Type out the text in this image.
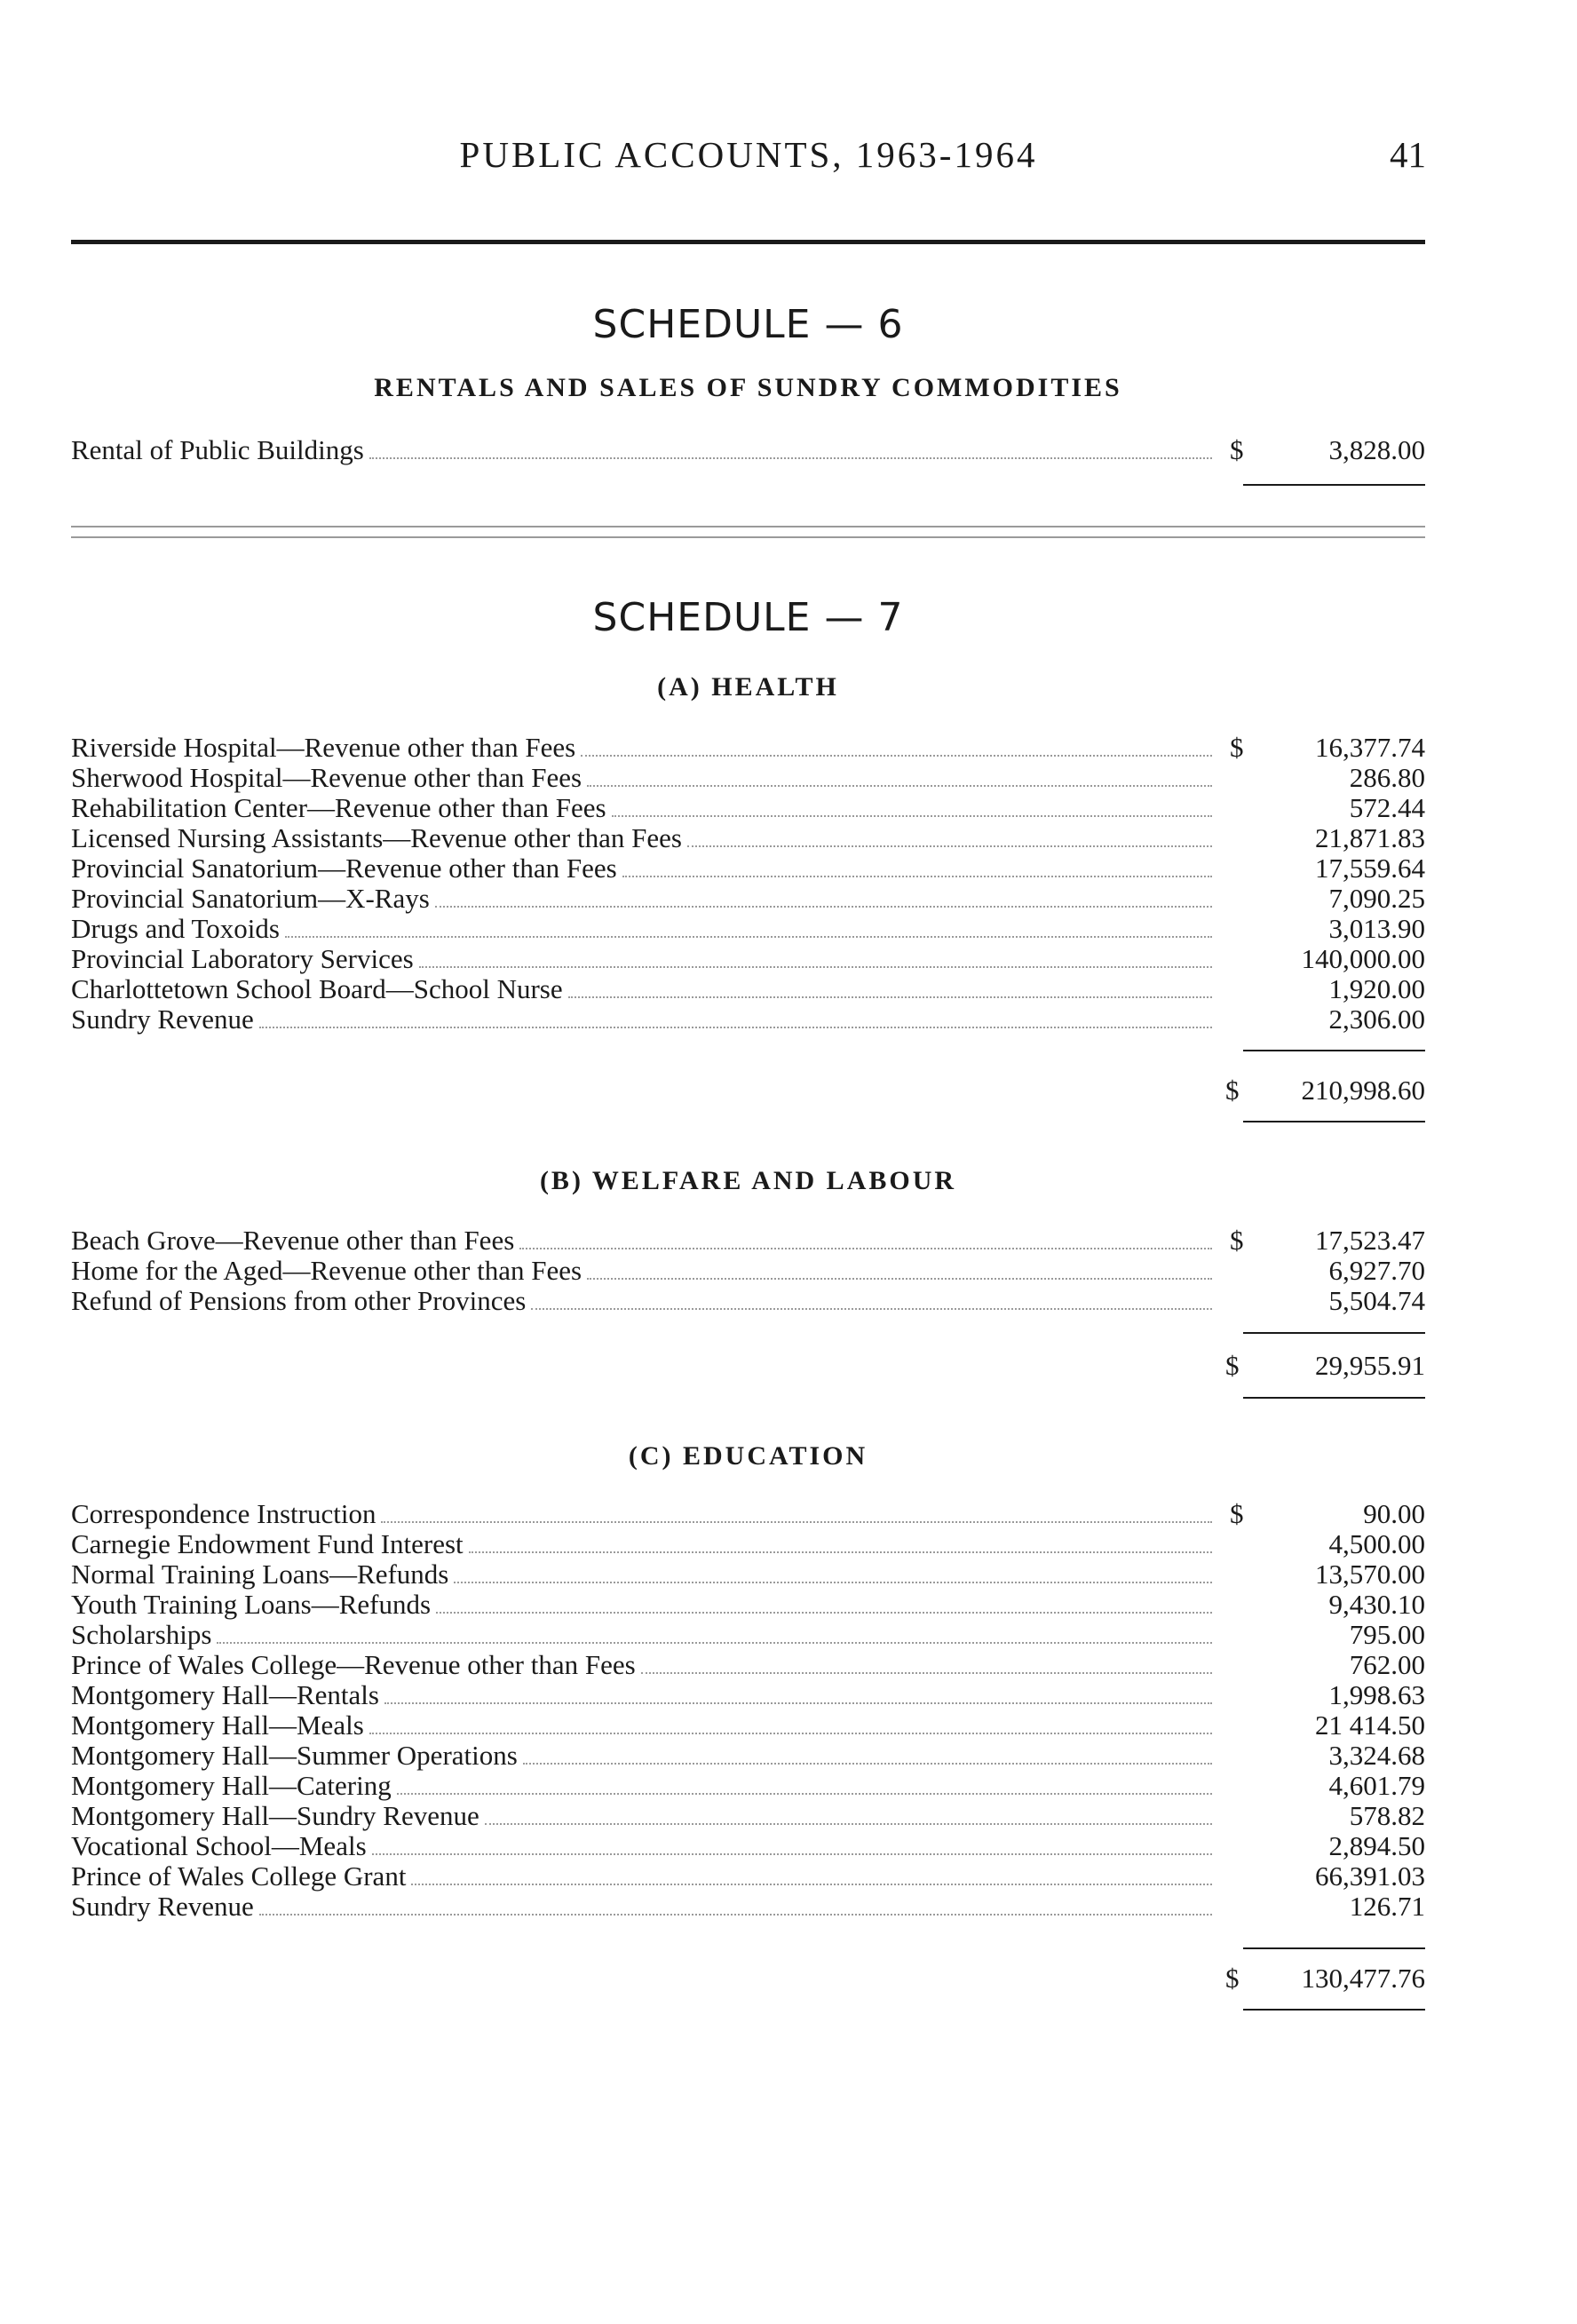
PUBLIC ACCOUNTS, 1963-1964	41
SCHEDULE — 6
RENTALS AND SALES OF SUNDRY COMMODITIES
Rental of Public Buildings	$	3,828.00
SCHEDULE — 7
(A) HEALTH
Riverside Hospital—Revenue other than Fees	$	16,377.74
Sherwood Hospital—Revenue other than Fees	286.80
Rehabilitation Center—Revenue other than Fees	572.44
Licensed Nursing Assistants—Revenue other than Fees	21,871.83
Provincial Sanatorium—Revenue other than Fees	17,559.64
Provincial Sanatorium—X-Rays	7,090.25
Drugs and Toxoids	3,013.90
Provincial Laboratory Services	140,000.00
Charlottetown School Board—School Nurse	1,920.00
Sundry Revenue	2,306.00
$ 210,998.60
(B) WELFARE AND LABOUR
Beach Grove—Revenue other than Fees	$	17,523.47
Home for the Aged—Revenue other than Fees	6,927.70
Refund of Pensions from other Provinces	5,504.74
$	29,955.91
(C) EDUCATION
Correspondence Instruction	$	90.00
Carnegie Endowment Fund Interest	4,500.00
Normal Training Loans—Refunds	13,570.00
Youth Training Loans—Refunds	9,430.10
Scholarships	795.00
Prince of Wales College—Revenue other than Fees	762.00
Montgomery Hall—Rentals	1,998.63
Montgomery Hall—Meals	21 414.50
Montgomery Hall—Summer Operations	3,324.68
Montgomery Hall—Catering	4,601.79
Montgomery Hall—Sundry Revenue	578.82
Vocational School—Meals	2,894.50
Prince of Wales College Grant	66,391.03
Sundry Revenue	126.71
$ 130,477.76
